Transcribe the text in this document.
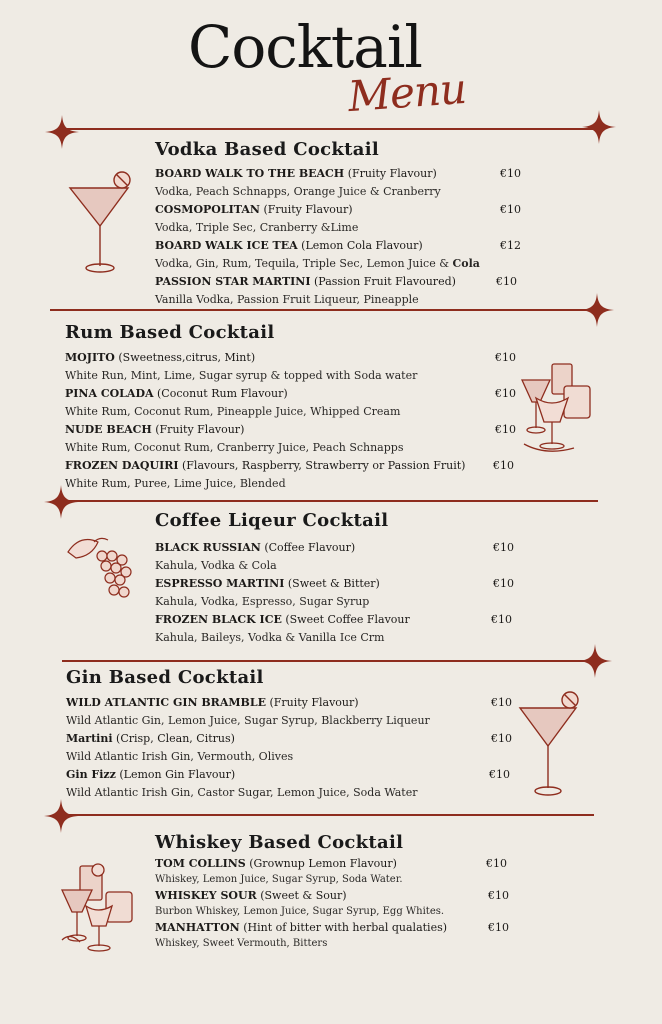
Cocktail
Menu
Vodka Based Cocktail
BOARD WALK TO THE BEACH (Fruity Flavour)	€10
Vodka, Peach Schnapps, Orange Juice & Cranberry
COSMOPOLITAN (Fruity Flavour)	€10
Vodka, Triple Sec, Cranberry &Lime
BOARD WALK ICE TEA (Lemon Cola Flavour)	€12
Vodka, Gin, Rum, Tequila, Triple Sec, Lemon Juice & Cola
PASSION STAR MARTINI (Passion Fruit Flavoured)	€10
Vanilla Vodka, Passion Fruit Liqueur, Pineapple
Rum Based Cocktail
MOJITO (Sweetness,citrus, Mint)	€10
White Run, Mint, Lime, Sugar syrup & topped with Soda water
PINA COLADA (Coconut Rum Flavour)	€10
White Rum, Coconut Rum, Pineapple Juice, Whipped Cream
NUDE BEACH (Fruity Flavour)	€10
White Rum, Coconut Rum, Cranberry Juice, Peach Schnapps
FROZEN DAQUIRI (Flavours, Raspberry, Strawberry or Passion Fruit)	€10
White Rum, Puree, Lime Juice, Blended
Coffee Liqeur Cocktail
BLACK RUSSIAN (Coffee Flavour)	€10
Kahula, Vodka & Cola
ESPRESSO MARTINI (Sweet & Bitter)	€10
Kahula, Vodka, Espresso, Sugar Syrup
FROZEN BLACK ICE (Sweet Coffee Flavour	€10
Kahula, Baileys, Vodka & Vanilla Ice Crm
Gin Based Cocktail
WILD ATLANTIC GIN BRAMBLE (Fruity Flavour)	€10
Wild Atlantic Gin, Lemon Juice, Sugar Syrup, Blackberry Liqueur
Martini (Crisp, Clean, Citrus)	€10
Wild Atlantic Irish Gin, Vermouth, Olives
Gin Fizz (Lemon Gin Flavour)	€10
Wild Atlantic Irish Gin, Castor Sugar, Lemon Juice, Soda Water
Whiskey Based Cocktail
TOM COLLINS (Grownup Lemon Flavour)	€10
Whiskey, Lemon Juice, Sugar Syrup, Soda Water.
WHISKEY SOUR (Sweet & Sour)	€10
Burbon Whiskey, Lemon Juice, Sugar Syrup, Egg Whites.
MANHATTON (Hint of bitter with herbal qualaties)	€10
Whiskey, Sweet Vermouth, Bitters
